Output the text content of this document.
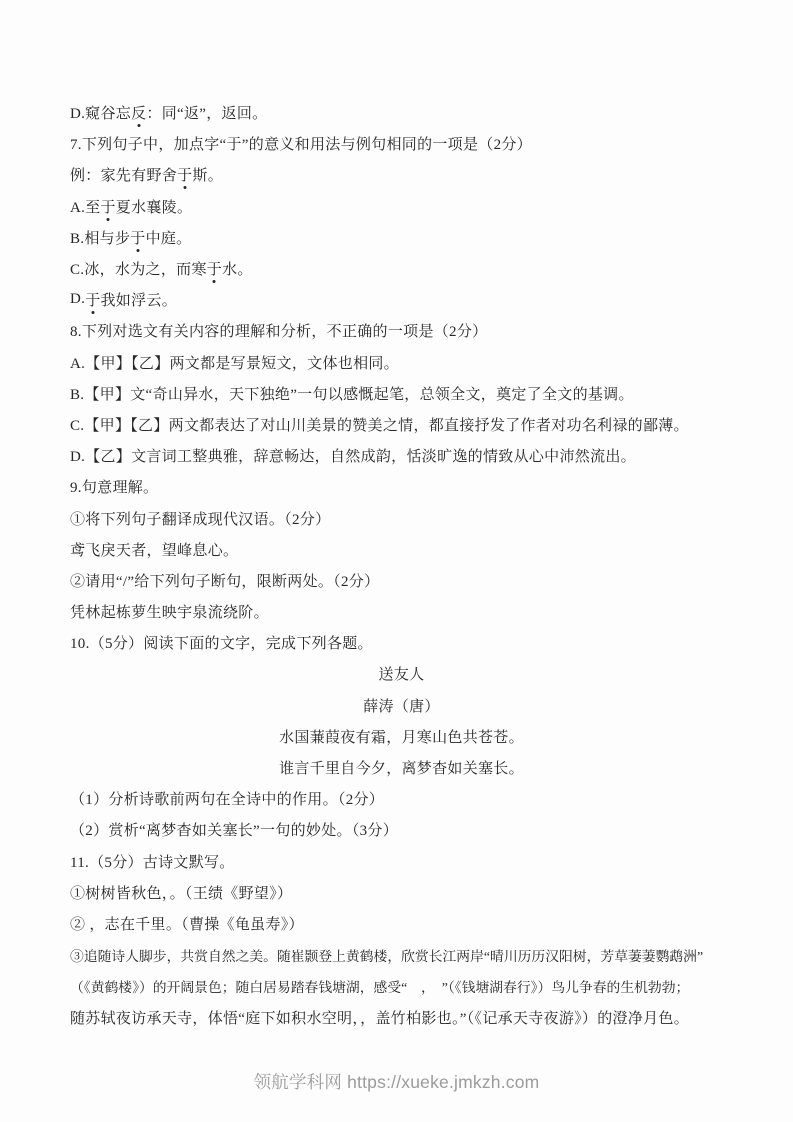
D.窥谷忘 反 ：同“返”，返回。
7.下列句子中，加点字“于”的意义和用法与例句相同的一项是（2分）
例：家先有野舍 于 斯。
A.至 于 夏水襄陵。
B.相与步 于 中庭。
C.冰，水为之，而寒 于 水。
D. 于 我如浮云。
8.下列对选文有关内容的理解和分析，不正确的一项是（2分）
A.【甲】【乙】两文都是写景短文，文体也相同。
B.【甲】文“奇山异水，天下独绝”一句以感慨起笔，总领全文，奠定了全文的基调。
C.【甲】【乙】两文都表达了对山川美景的赞美之情，都直接抒发了作者对功名利禄的鄙薄。
D.【乙】文言词工整典雅，辞意畅达，自然成韵，恬淡旷逸的情致从心中沛然流出。
9.句意理解。
①将下列句子翻译成现代汉语。（2分）
鸢飞戾天者，望峰息心。
②请用“/”给下列句子断句，限断两处。（2分）
凭林起栋萝生映宇泉流绕阶。
10.（5分）阅读下面的文字，完成下列各题。
送友人
薛涛（唐）
水国蒹葭夜有霜，月寒山色共苍苍。
谁言千里自今夕，离梦杳如关塞长。
（1）分析诗歌前两句在全诗中的作用。（2分）
（2）赏析“离梦杳如关塞长”一句的妙处。（3分）
11.（5分）古诗文默写。
①树树皆秋色，。（王绩《野望》）
② ，志在千里。（曹操《龟虽寿》）
③追随诗人脚步，共赏自然之美。随崔颢登上黄鹤楼，欣赏长江两岸“晴川历历汉阳树，芳草萋萋鹦鹉洲”
（《黄鹤楼》）的开阔景色；随白居易踏春钱塘湖，感受“　，　”（《钱塘湖春行》）鸟儿争春的生机勃勃；
随苏轼夜访承天寺，体悟“庭下如积水空明，，盖竹柏影也。”（《记承天寺夜游》）的澄净月色。
领航学科网 https://xueke.jmkzh.com
